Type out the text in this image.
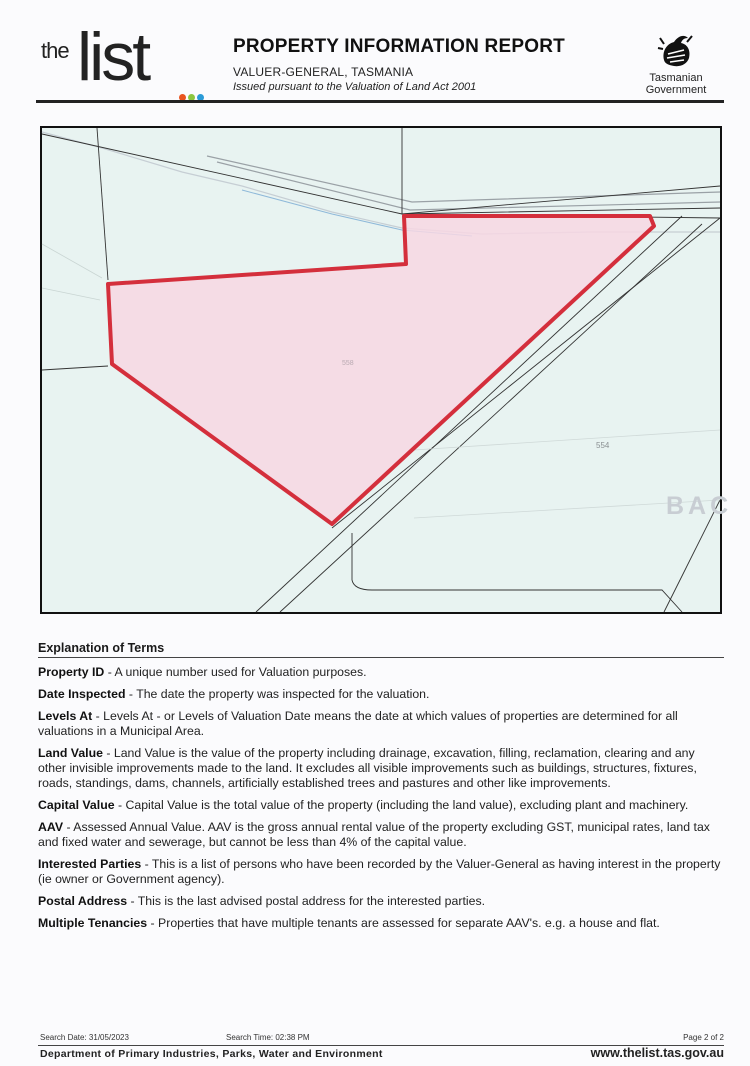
the list	PROPERTY INFORMATION REPORT
VALUER-GENERAL, TASMANIA
Issued pursuant to the Valuation of Land Act 2001
Tasmanian
Government
558
554
BAC
Explanation of Terms
Property ID - A unique number used for Valuation purposes.
Date Inspected - The date the property was inspected for the valuation.
Levels At - Levels At - or Levels of Valuation Date means the date at which values of properties are determined for all valuations in a Municipal Area.
Land Value - Land Value is the value of the property including drainage, excavation, filling, reclamation, clearing and any other invisible improvements made to the land. It excludes all visible improvements such as buildings, structures, fixtures, roads, standings, dams, channels, artificially established trees and pastures and other like improvements.
Capital Value - Capital Value is the total value of the property (including the land value), excluding plant and machinery.
AAV - Assessed Annual Value. AAV is the gross annual rental value of the property excluding GST, municipal rates, land tax and fixed water and sewerage, but cannot be less than 4% of the capital value.
Interested Parties - This is a list of persons who have been recorded by the Valuer-General as having interest in the property (ie owner or Government agency).
Postal Address - This is the last advised postal address for the interested parties.
Multiple Tenancies - Properties that have multiple tenants are assessed for separate AAV's. e.g. a house and flat.
Search Date: 31/05/2023	Search Time: 02:38 PM	Page 2 of 2
Department of Primary Industries, Parks, Water and Environment	www.thelist.tas.gov.au
